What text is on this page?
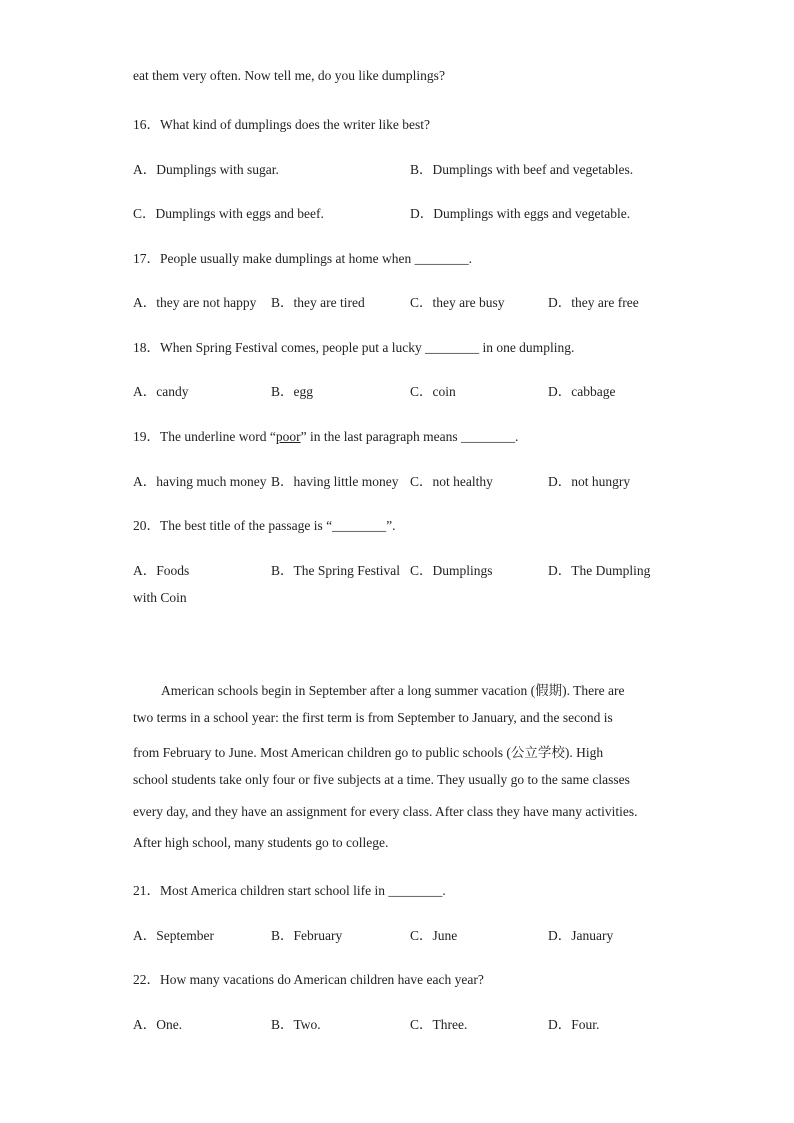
eat them very often. Now tell me, do you like dumplings?
16．What kind of dumplings does the writer like best?
A．Dumplings with sugar.	B．Dumplings with beef and vegetables.
C．Dumplings with eggs and beef.	D．Dumplings with eggs and vegetable.
17．People usually make dumplings at home when ________.
A．they are not happy B．they are tired	C．they are busy	D．they are free
18．When Spring Festival comes, people put a lucky ________ in one dumpling.
A．candy	B．egg	C．coin	D．cabbage
19．The underline word “poor” in the last paragraph means ________.
A．having much money B．having little money C．not healthy	D．not hungry
20．The best title of the passage is “________”.
A．Foods	B．The Spring Festival C．Dumplings	D．The Dumpling
with Coin
American schools begin in September after a long summer vacation (假期). There are
two terms in a school year: the first term is from September to January, and the second is
from February to June. Most American children go to public schools (公立学校). High
school students take only four or five subjects at a time. They usually go to the same classes
every day, and they have an assignment for every class. After class they have many activities.
After high school, many students go to college.
21．Most America children start school life in ________.
A．September	B．February	C．June	D．January
22．How many vacations do American children have each year?
A．One.	B．Two.	C．Three.	D．Four.
